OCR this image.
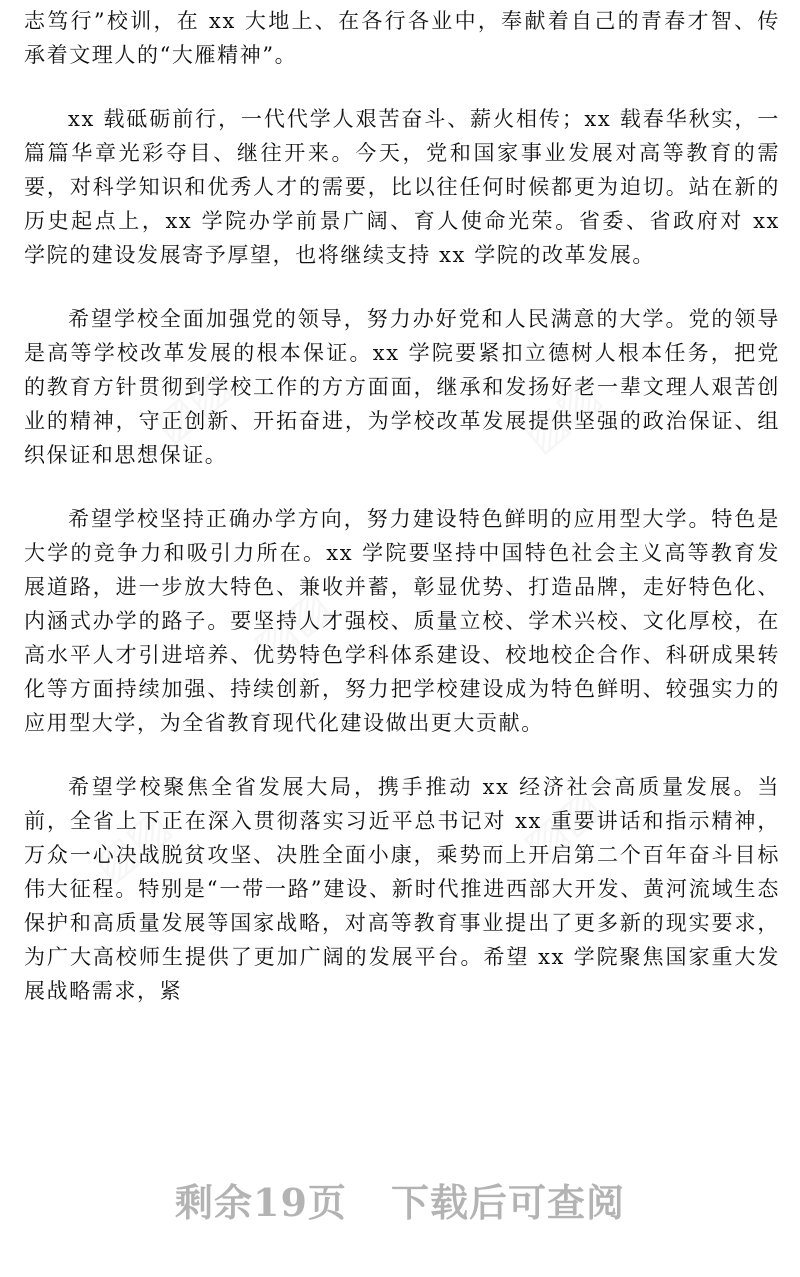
志笃行”校训，在 xx 大地上、在各行各业中，奉献着自己的青春才智、传承着文理人的“大雁精神”。

xx 载砥砺前行，一代代学人艰苦奋斗、薪火相传；xx 载春华秋实，一篇篇华章光彩夺目、继往开来。今天，党和国家事业发展对高等教育的需要，对科学知识和优秀人才的需要，比以往任何时候都更为迫切。站在新的历史起点上，xx 学院办学前景广阔、育人使命光荣。省委、省政府对 xx 学院的建设发展寄予厚望，也将继续支持 xx 学院的改革发展。

希望学校全面加强党的领导，努力办好党和人民满意的大学。党的领导是高等学校改革发展的根本保证。xx 学院要紧扣立德树人根本任务，把党的教育方针贯彻到学校工作的方方面面，继承和发扬好老一辈文理人艰苦创业的精神，守正创新、开拓奋进，为学校改革发展提供坚强的政治保证、组织保证和思想保证。

希望学校坚持正确办学方向，努力建设特色鲜明的应用型大学。特色是大学的竞争力和吸引力所在。xx 学院要坚持中国特色社会主义高等教育发展道路，进一步放大特色、兼收并蓄，彰显优势、打造品牌，走好特色化、内涵式办学的路子。要坚持人才强校、质量立校、学术兴校、文化厚校，在高水平人才引进培养、优势特色学科体系建设、校地校企合作、科研成果转化等方面持续加强、持续创新，努力把学校建设成为特色鲜明、较强实力的应用型大学，为全省教育现代化建设做出更大贡献。

希望学校聚焦全省发展大局，携手推动 xx 经济社会高质量发展。当前，全省上下正在深入贯彻落实习近平总书记对 xx 重要讲话和指示精神，万众一心决战脱贫攻坚、决胜全面小康，乘势而上开启第二个百年奋斗目标伟大征程。特别是“一带一路”建设、新时代推进西部大开发、黄河流域生态保护和高质量发展等国家战略，对高等教育事业提出了更多新的现实要求，为广大高校师生提供了更加广阔的发展平台。希望 xx 学院聚焦国家重大发展战略需求，紧

剩余19页 下载后可查阅
